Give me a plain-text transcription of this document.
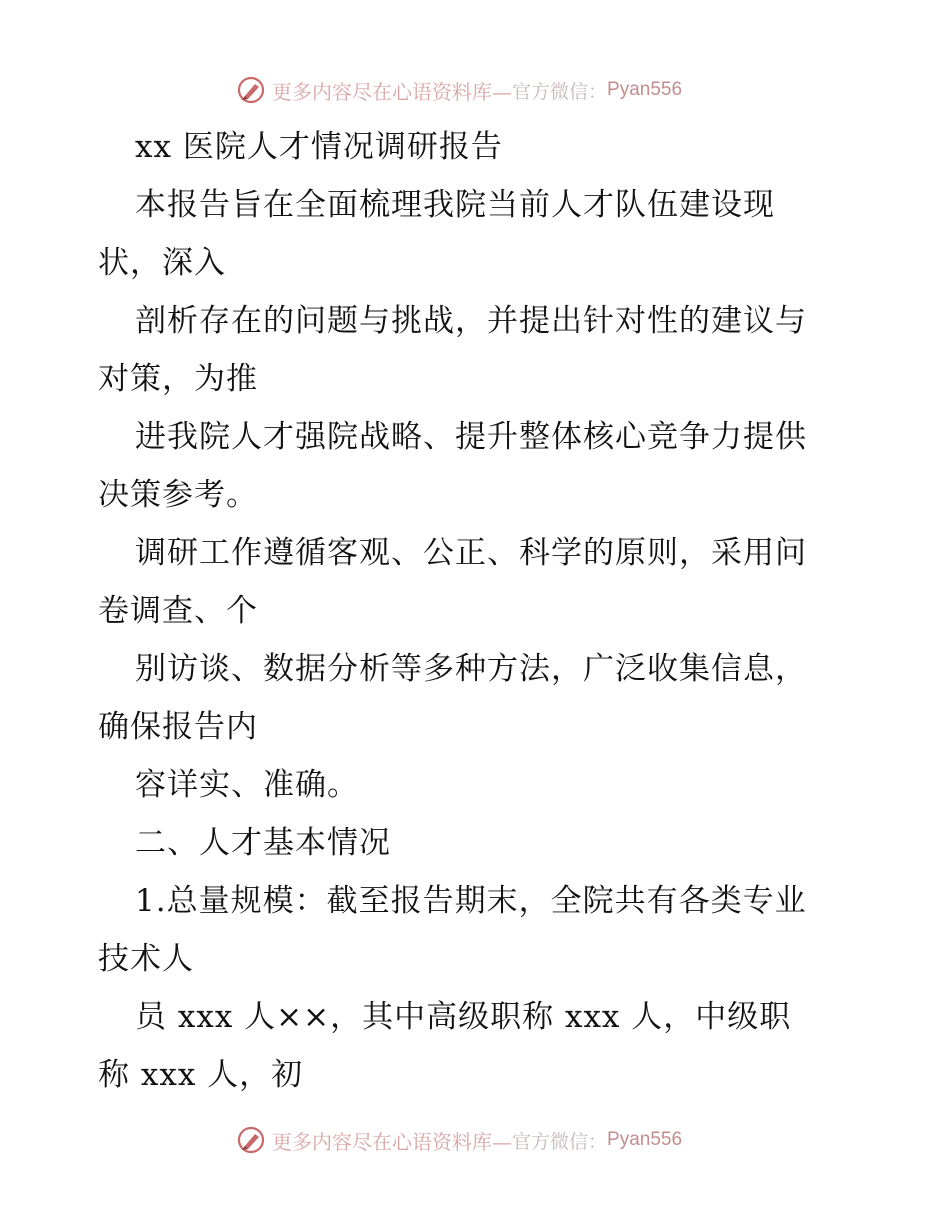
更多内容尽在心语资料库— 官方微信： Pyan556
xx 医院人才情况调研报告
本报告旨在全面梳理我院当前人才队伍建设现
状，深入
剖析存在的问题与挑战，并提出针对性的建议与
对策，为推
进我院人才强院战略、提升整体核心竞争力提供
决策参考。
调研工作遵循客观、公正、科学的原则，采用问
卷调查、个
别访谈、数据分析等多种方法，广泛收集信息，
确保报告内
容详实、准确。
二、人才基本情况
1.总量规模：截至报告期末，全院共有各类专业
技术人
员 xxx 人××，其中高级职称 xxx 人，中级职
称 xxx 人，初
更多内容尽在心语资料库— 官方微信： Pyan556
